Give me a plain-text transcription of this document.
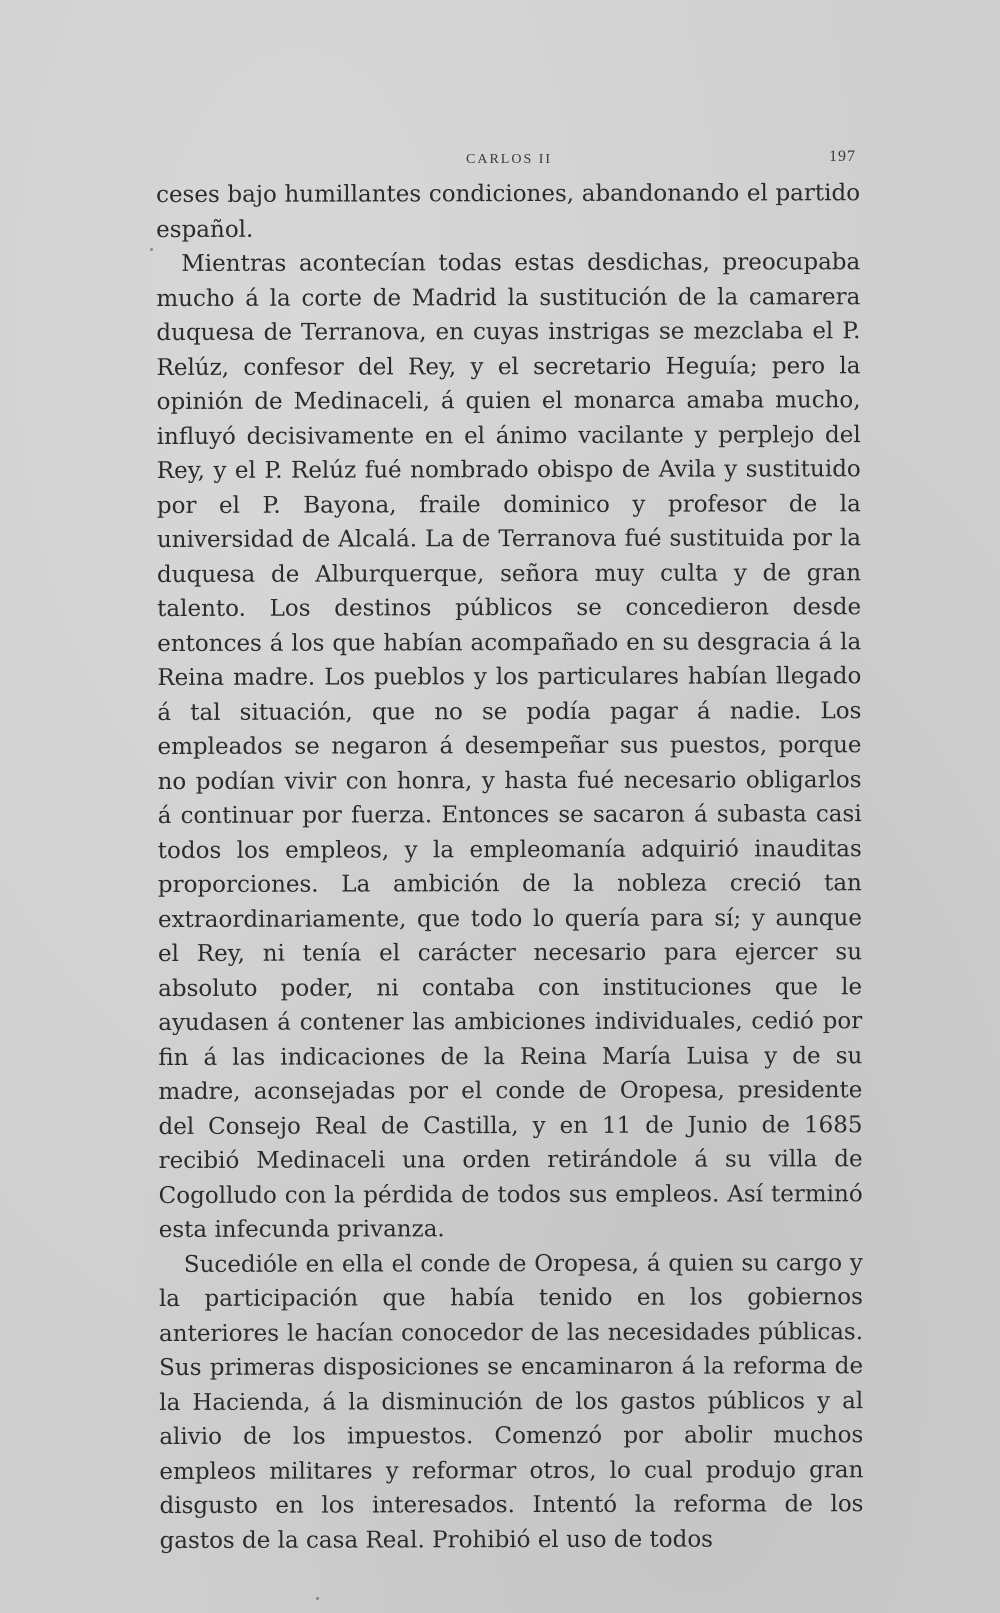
CARLOS II	197

ceses bajo humillantes condiciones, abandonando el partido español.

Mientras acontecían todas estas desdichas, preocupaba mucho á la corte de Madrid la sustitución de la camarera duquesa de Terranova, en cuyas instrigas se mezclaba el P. Relúz, confesor del Rey, y el secretario Heguía; pero la opinión de Medinaceli, á quien el monarca amaba mucho, influyó decisivamente en el ánimo vacilante y perplejo del Rey, y el P. Relúz fué nombrado obispo de Avila y sustituido por el P. Bayona, fraile dominico y profesor de la universidad de Alcalá. La de Terranova fué sustituida por la duquesa de Alburquerque, señora muy culta y de gran talento. Los destinos públicos se concedieron desde entonces á los que habían acompañado en su desgracia á la Reina madre. Los pueblos y los particulares habían llegado á tal situación, que no se podía pagar á nadie. Los empleados se negaron á desempeñar sus puestos, porque no podían vivir con honra, y hasta fué necesario obligarlos á continuar por fuerza. Entonces se sacaron á subasta casi todos los empleos, y la empleomanía adquirió inauditas proporciones. La ambición de la nobleza creció tan extraordinariamente, que todo lo quería para sí; y aunque el Rey, ni tenía el carácter necesario para ejercer su absoluto poder, ni contaba con instituciones que le ayudasen á contener las ambiciones individuales, cedió por fin á las indicaciones de la Reina María Luisa y de su madre, aconsejadas por el conde de Oropesa, presidente del Consejo Real de Castilla, y en 11 de Junio de 1685 recibió Medinaceli una orden retirándole á su villa de Cogolludo con la pérdida de todos sus empleos. Así terminó esta infecunda privanza.

Sucedióle en ella el conde de Oropesa, á quien su cargo y la participación que había tenido en los gobiernos anteriores le hacían conocedor de las necesidades públicas. Sus primeras disposiciones se encaminaron á la reforma de la Hacienda, á la disminución de los gastos públicos y al alivio de los impuestos. Comenzó por abolir muchos empleos militares y reformar otros, lo cual produjo gran disgusto en los interesados. Intentó la reforma de los gastos de la casa Real. Prohibió el uso de todos
